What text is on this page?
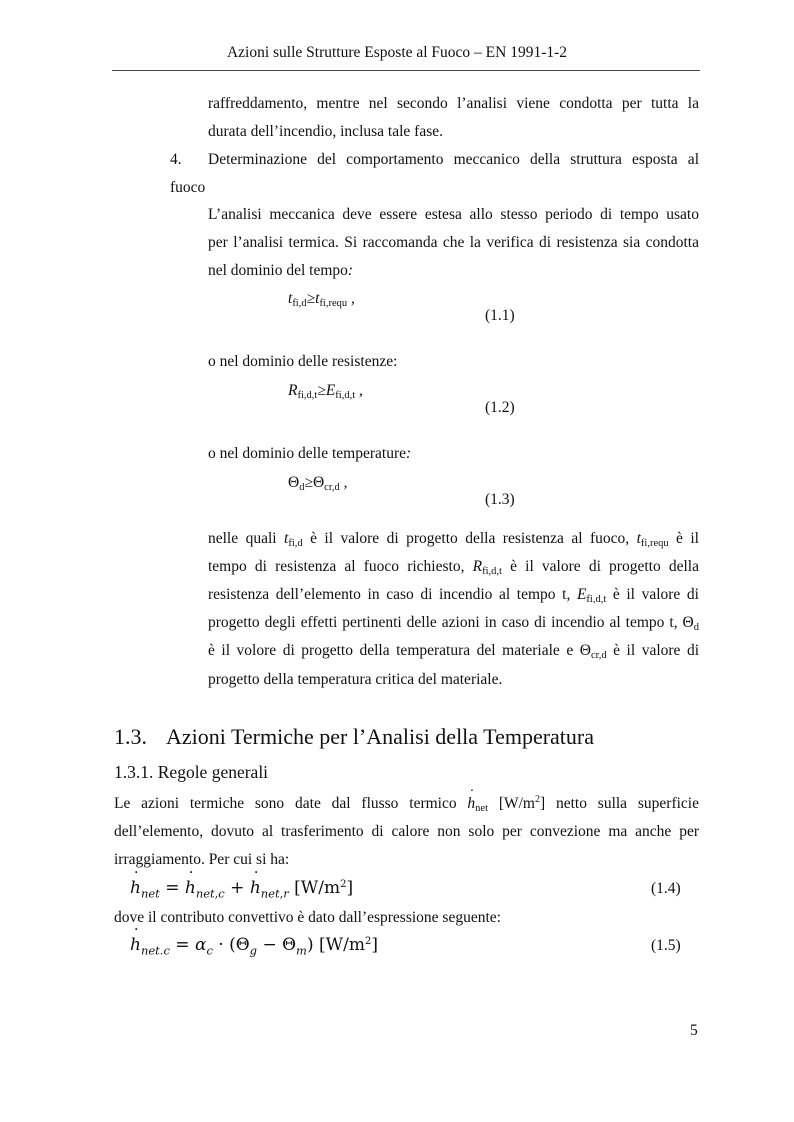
Azioni sulle Strutture Esposte al Fuoco – EN 1991-1-2
raffreddamento, mentre nel secondo l’analisi viene condotta per tutta la
durata dell’incendio, inclusa tale fase.
4. Determinazione del comportamento meccanico della struttura esposta al
fuoco
L’analisi meccanica deve essere estesa allo stesso periodo di tempo usato
per l’analisi termica. Si raccomanda che la verifica di resistenza sia condotta
nel dominio del tempo:
tfi,d≥tfi,requ ,
(1.1)
o nel dominio delle resistenze:
Rfi,d,t≥Efi,d,t ,
(1.2)
o nel dominio delle temperature:
Θd≥Θcr,d ,
(1.3)
nelle quali tfi,d è il valore di progetto della resistenza al fuoco, tfi,requ è il
tempo di resistenza al fuoco richiesto, Rfi,d,t è il valore di progetto della
resistenza dell’elemento in caso di incendio al tempo t, Efi,d,t è il valore di
progetto degli effetti pertinenti delle azioni in caso di incendio al tempo t, Θd
è il volore di progetto della temperatura del materiale e Θcr,d è il valore di
progetto della temperatura critica del materiale.
1.3. Azioni Termiche per l’Analisi della Temperatura
1.3.1. Regole generali
Le azioni termiche sono date dal flusso termico ˙ hnet $[W/m^2]$ netto sulla superficie
dell’elemento, dovuto al trasferimento di calore non solo per convezione ma anche per
irraggiamento. Per cui si ha:
˙ $h_{net}$ = ˙ $h_{net,c}$ + ˙ $h_{net,r}$ $[W/m^2]$	(1.4)
dove il contributo convettivo è dato dall’espressione seguente:
˙ $h_{net.c} = \alpha_c \cdot (\Theta_g - \Theta_m)$ $[W/m^2]$	(1.5)
5
